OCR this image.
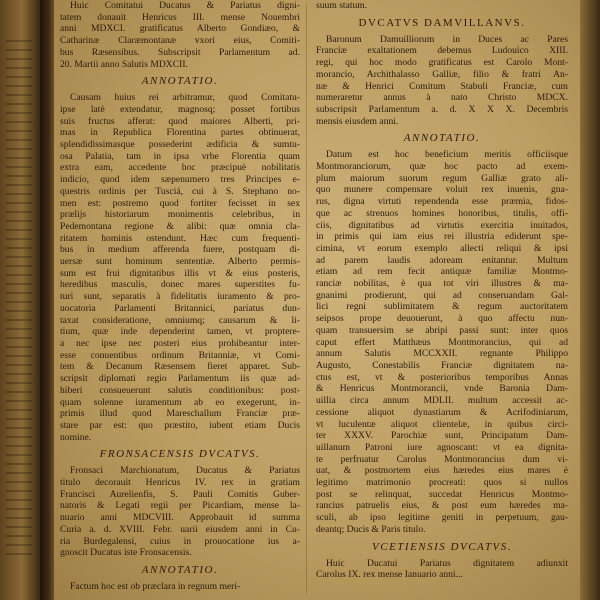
Huic Comitatui Ducatus & Pariatus digni-
tatem donauit Henricus III. mense Nouembri
anni MDXCI. gratificatus Alberto Gondiæo, &
Catharinæ Claræmontanæ vxori eius, Comiti-
bus Ræsensibus. Subscripsit Parlamentum ad.
20. Martii anno Salutis MDXCII.
ANNOTATIO.
Causam huius rei arbitramur, quod Comitatu-
ipse latè extendatur, magnosq; posset fortibus
suis fructus afferat: quod maiores Alberti, pri-
mas in Republica Florentina partes obtinuerat,
splendidissimasque possederint ædificia & sumtu-
osa Palatia, tam in ipsa vrbe Florentia quam
extra eam, accedente hoc præcipuè nobilitatis
indicio, quod idem sæpenumero tres Principes e-
questris ordinis per Tusciá, cui à S. Stephano no-
men est: postremo quod fortiter fecisset in sex
prælijs historiarum monimentis celebribus, in
Pedemontana regione & alibi: quæ omnia cla-
ritatem hominis ostendunt. Hæc cum frequenti-
bus in medium afferenda fuere, postquam di-
uersæ sunt hominum sententiæ. Alberto permis-
sum est frui dignitatibus illis vt & eius posteris,
heredibus masculis, donec mares superstites fu-
turi sunt, separatis à fidelitatis iuramento & pro-
uocatoria Parlamenti Britannici, pariatus dun-
taxat consideratione, omniumq; causarum & li-
tium, quæ inde dependerint tamen, vt proptere-
a nec ipse nec posteri eius prohibeantur inter-
esse conuentibus ordinum Britanniæ, vt Comi-
tem & Decanum Ræsensem fieret apparet. Sub-
scripsit diplomati regio Parlamentum iis quæ ad-
hiberi consueuerunt salutis conditionibus: post-
quam solenne iuramentum ab eo exegerunt, in-
primis illud quod Mareschallum Franciæ præ-
stare par est: quo præstito, iubent etiam Ducis
nomine.
FRONSACENSIS DVCATVS.
Fronsaci Marchionatum, Ducatus & Pariatus
titulo decorauit Henricus IV. rex in gratiam
Francisci Aurelienfis, S. Pauli Comitis Guber-
natoris & Legati regii per Picardiam, mense la-
nuario anni MDCVIII. Approbauit id summa
Curia a. d. XVIII. Febr. uarii eiusdem anni in Cu-
ria Burdegalensi, cuius in prouocatione ius a-
gnoscit Ducatus iste Fronsacensis.
ANNOTATIO.
Factum hoc est ob præclara in regnum meri-
suum statum.
DVCATVS DAMVILLANVS.
Baronum Damuilliorum in Duces ac Pares
Franciæ exaltationem debemus Ludouico XIII.
regi, qui hoc modo gratificatus est Carolo Mont-
morancio, Archithalasso Galliæ, filio & fratri An-
næ & Henrici Comitum Stabuli Franciæ, cum
numeraretur annus à nato Christo MDCX.
subscripsit Parlamentum a. d. X X X. Decembris
mensis eiusdem anni.
ANNOTATIO.
Datum est hoc beneficium meritis officiisque
Montmoranciorum, quæ hoc pacto ad exem-
plum maiorum suorum regum Galliæ grato ali-
quo munere compensare voluit rex inuenis, gna-
rus, digna virtuti rependenda esse præmia, fidos-
que ac strenuos homines honoribus, titulis, offi-
ciis, dignitatibus ad virtutis exercitia inuitados,
in primis qui iam eius rei illustria ediderunt spe-
cimina, vt eorum exemplo allecti reliqui & ipsi
ad parem laudis adoream enitantur. Multum
etiam ad rem fecit antiquæ familiæ Montmo-
ranciæ nobilitas, è qua tot viri illustres & ma-
gnanimi prodierunt, qui ad conseruandam Gal-
lici regni sublimitatem & regum auctoritatem
seipsos prope deuouerunt, à quo affectu nun-
quam transuersim se abripi passi sunt: inter quos
caput effert Matthæus Montmorancius, qui ad
annum Salutis MCCXXII. regnante Philippo
Augusto, Conestabilis Franciæ dignitatem na-
ctus est, vt & posterioribus temporibus Annas
& Henricus Montmorancii, vnde Baronia Dam-
uillia circa annum MDLII. multum accessit ac-
cessione aliquot dynastiarum & Acrifodiniarum,
vt luculentæ aliquot clientelæ, in quibus circi-
ter XXXV. Parochiæ sunt, Principatum Dam-
uillanum Patroni iure agnoscant: vt ea dignita-
te perfruatur Carolus Montmorancius dum vi-
uat, & postmortem eius hæredes eius mares è
legitimo matrimonio procreati: quos si nullos
post se relinquat, succedat Henricus Montmo-
rancius patruelis eius, & post eum hæredes ma-
sculi, ab ipso legitime geniti in perpetuum, gau-
deantq; Ducis & Paris titulo.
VCETIENSIS DVCATVS.
Huic Ducatui Pariatus dignitatem adiunxit
Carolus IX. rex mense Ianuario anni...
